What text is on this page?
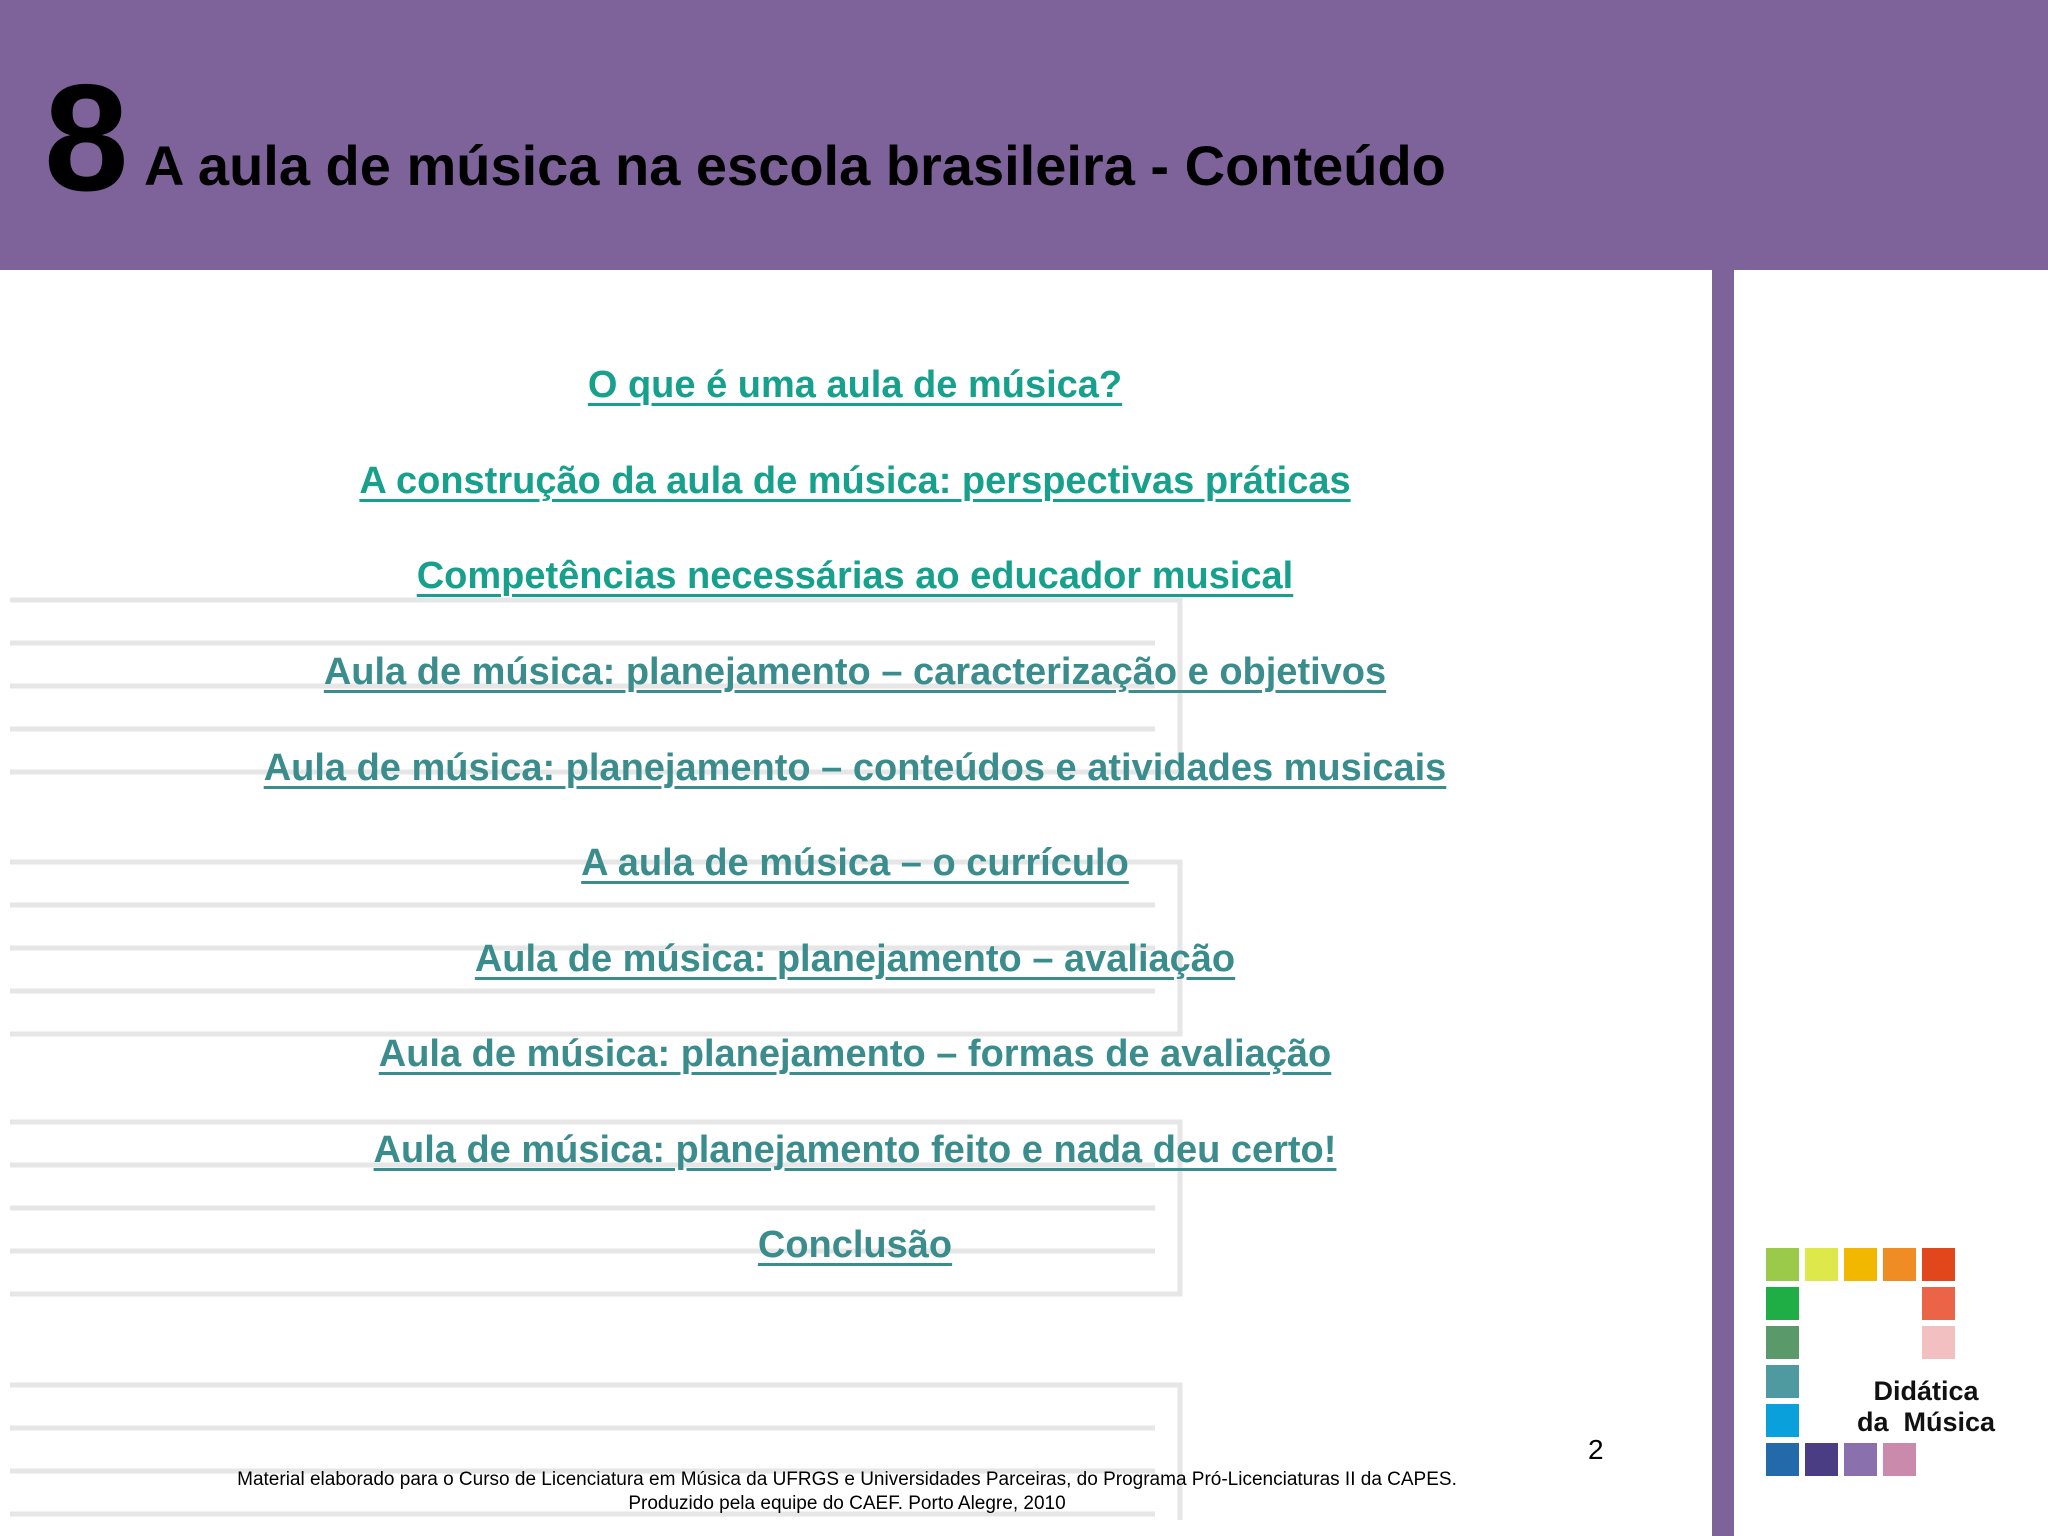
8 A aula de música na escola brasileira - Conteúdo
O que é uma aula de música?
A construção da aula de música: perspectivas práticas
Competências necessárias ao educador musical
Aula de música: planejamento – caracterização e objetivos
Aula de música: planejamento – conteúdos e atividades musicais
A aula de música – o currículo
Aula de música: planejamento – avaliação
Aula de música: planejamento – formas de avaliação
Aula de música: planejamento feito e nada deu certo!
Conclusão
2
Material elaborado para o Curso de Licenciatura em Música da UFRGS e Universidades Parceiras, do Programa Pró-Licenciaturas II da CAPES.
Produzido pela equipe do CAEF. Porto Alegre, 2010
Didática
da  Música
